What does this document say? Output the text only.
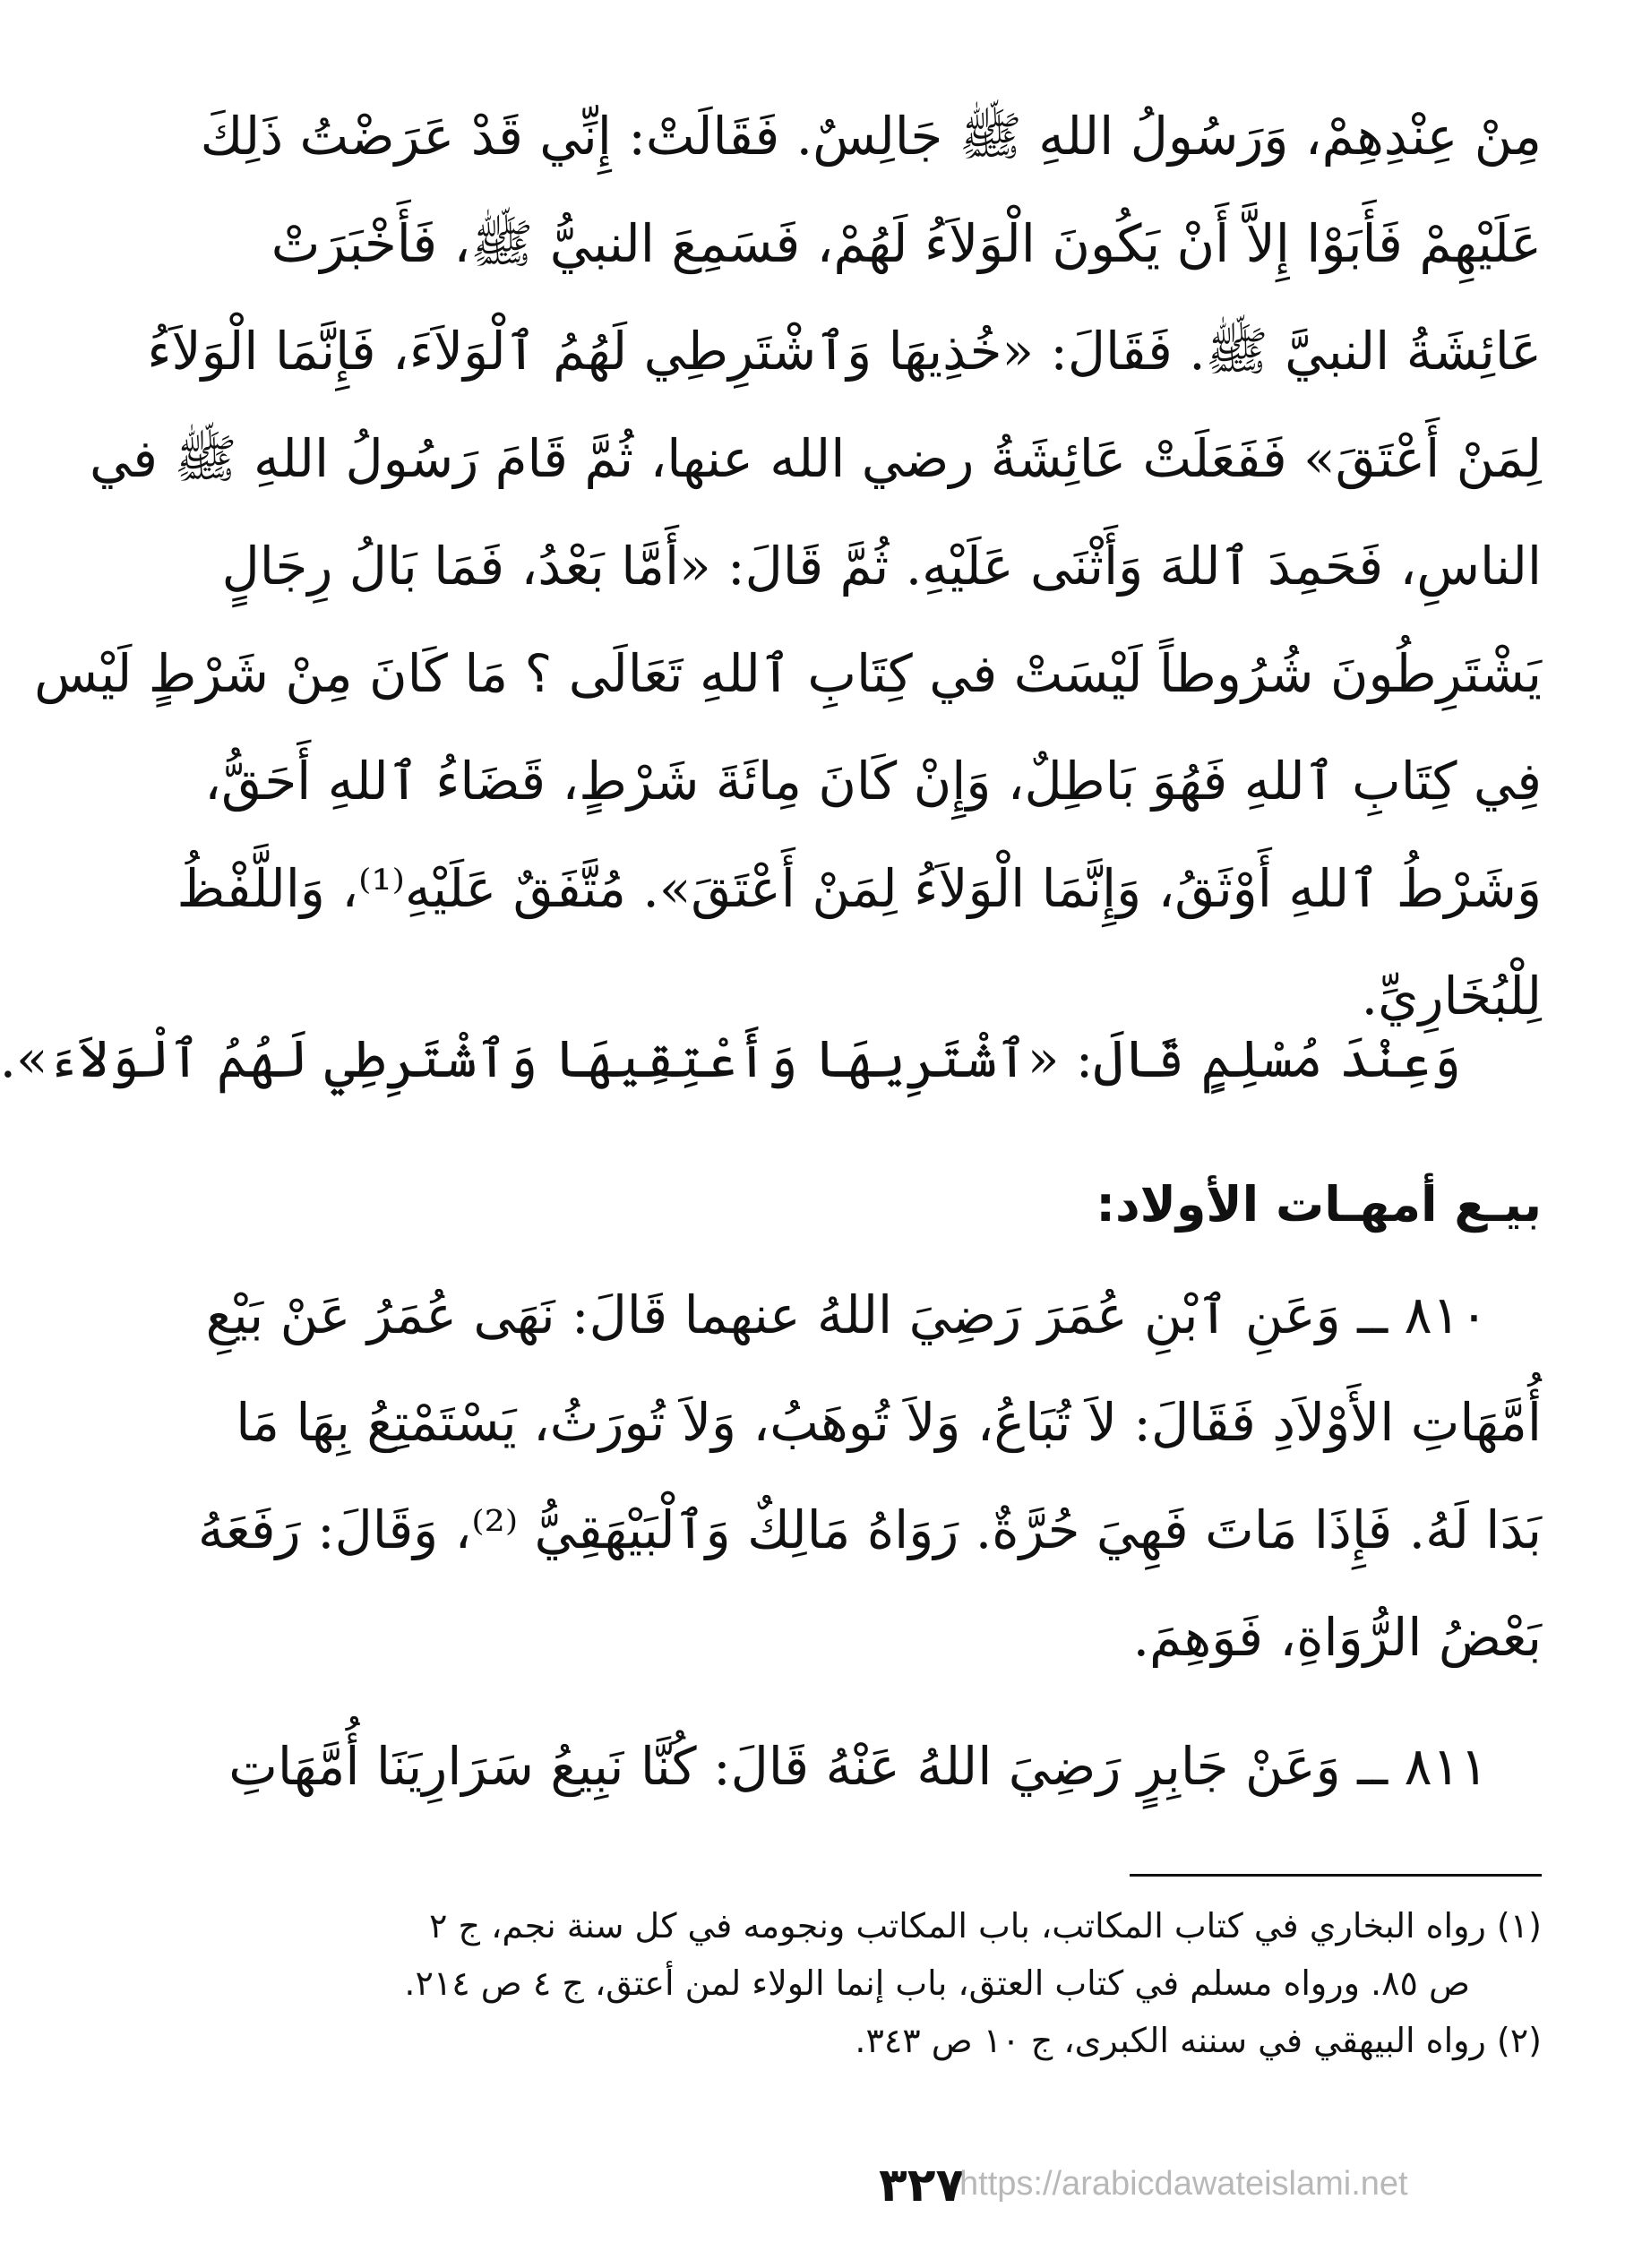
مِنْ عِنْدِهِمْ، وَرَسُولُ اللهِ ﷺ جَالِسٌ. فَقَالَتْ: إِنِّي قَدْ عَرَضْتُ ذَلِكَ
عَلَيْهِمْ فَأَبَوْا إِلاَّ أَنْ يَكُونَ الْوَلاَءُ لَهُمْ، فَسَمِعَ النبيُّ ﷺ، فَأَخْبَرَتْ
عَائِشَةُ النبيَّ ﷺ. فَقَالَ: «خُذِيهَا وَٱشْتَرِطِي لَهُمُ ٱلْوَلاَءَ، فَإِنَّمَا الْوَلاَءُ
لِمَنْ أَعْتَقَ» فَفَعَلَتْ عَائِشَةُ رضي الله عنها، ثُمَّ قَامَ رَسُولُ اللهِ ﷺ في
الناسِ، فَحَمِدَ ٱللهَ وَأَثْنَى عَلَيْهِ. ثُمَّ قَالَ: «أَمَّا بَعْدُ، فَمَا بَالُ رِجَالٍ
يَشْتَرِطُونَ شُرُوطاً لَيْسَتْ في كِتَابِ ٱللهِ تَعَالَى ؟ مَا كَانَ مِنْ شَرْطٍ لَيْس
فِي كِتَابِ ٱللهِ فَهُوَ بَاطِلٌ، وَإِنْ كَانَ مِائَةَ شَرْطٍ، قَضَاءُ ٱللهِ أَحَقُّ،
وَشَرْطُ ٱللهِ أَوْثَقُ، وَإِنَّمَا الْوَلاَءُ لِمَنْ أَعْتَقَ». مُتَّفَقٌ عَلَيْهِ⁽¹⁾، وَاللَّفْظُ
لِلْبُخَارِيِّ.
وَعِنْدَ مُسْلِمٍ قَالَ: «ٱشْتَرِيهَا وَأَعْتِقِيهَا وَٱشْتَرِطِي لَهُمُ ٱلْوَلاَءَ».
بيـع أمهـات الأولاد:
٨١٠ ــ وَعَنِ ٱبْنِ عُمَرَ رَضِيَ اللهُ عنهما قَالَ: نَهَى عُمَرُ عَنْ بَيْعِ
أُمَّهَاتِ الأَوْلاَدِ فَقَالَ: لاَ تُبَاعُ، وَلاَ تُوهَبُ، وَلاَ تُورَثُ، يَسْتَمْتِعُ بِهَا مَا
بَدَا لَهُ. فَإِذَا مَاتَ فَهِيَ حُرَّةٌ. رَوَاهُ مَالِكٌ وَٱلْبَيْهَقِيُّ ⁽²⁾، وَقَالَ: رَفَعَهُ
بَعْضُ الرُّوَاةِ، فَوَهِمَ.
٨١١ ــ وَعَنْ جَابِرٍ رَضِيَ اللهُ عَنْهُ قَالَ: كُنَّا نَبِيعُ سَرَارِيَنَا أُمَّهَاتِ
(١) رواه البخاري في كتاب المكاتب، باب المكاتب ونجومه في كل سنة نجم، ج ٢
ص ٨٥. ورواه مسلم في كتاب العتق، باب إنما الولاء لمن أعتق، ج ٤ ص ٢١٤.
(٢) رواه البيهقي في سننه الكبرى، ج ١٠ ص ٣٤٣.
٣٢٧
https://arabicdawateislami.net
